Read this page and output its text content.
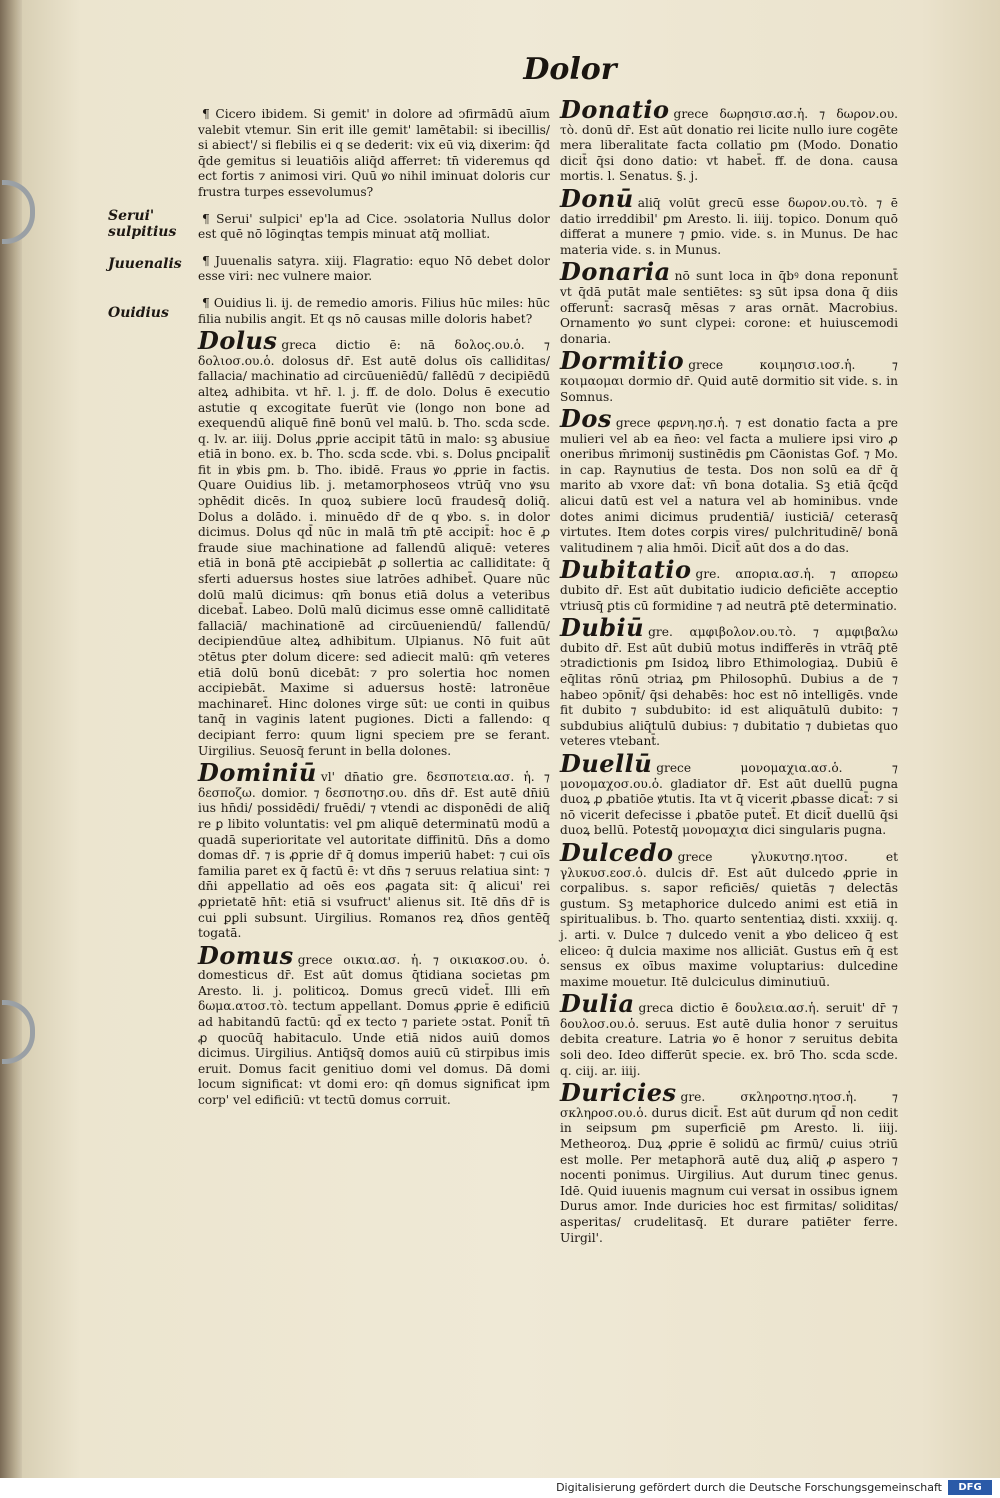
Dolor
Serui' sulpitius
Juuenalis
Ouidius
¶ Cicero ibidem. Si gemit' in dolore ad ↄfirmādū aīum valebit vtemur. Sin erit ille gemit' lamētabil: si ibecillis/ si abiect'/ si flebilis ei q se dederit: vix eū viꝝ dixerim: q̄d q̄de gemitus si leuatiōis aliq̄d afferret: tn̄ videremus qd ect fortis ⁊ animosi viri. Quū ꝟo nihil iminuat doloris cur frustra turpes essevolumus?
¶ Serui' sulpici' ep'la ad Cice. ↄsolatoria Nullus dolor est quē nō lōginqtas tempis minuat atq̄ molliat.
¶ Juuenalis satyra. xiij. Flagratio: equo Nō debet dolor esse viri: nec vulnere maior.
¶ Ouidius li. ij. de remedio amoris. Filius hūc miles: hūc filia nubilis angit. Et qs nō causas mille doloris habet?
Dolus greca dictio ē: nā δολος.ου.ὁ. ⁊ δολιοσ.ου.ὁ. dolosus dr̄. Est autē dolus oīs calliditas/ fallacia/ machinatio ad circūueniēdū/ fallēdū ⁊ decipiēdū alteꝝ adhibita. vt hr̄. l. j. ff. de dolo. Dolus ē executio astutie q excogitate fuerūt vie (longo non bone ad exequendū aliquē finē bonū vel malū. b. Tho. scda scde. q. lv. ar. iiij. Dolus ꝓprie accipit tātū in malo: sꝫ abusiue etiā in bono. ex. b. Tho. scda scde. vbi. s. Dolus ꝑncipalit̄ fit in ꝟbis ꝑm. b. Tho. ibidē. Fraus ꝟo ꝓprie in factis. Quare Ouidius lib. j. metamorphoseos vtrūq̄ vno ꝟsu ↄphēdit dicēs. In quoꝝ subiere locū fraudesq̄ doliq̄. Dolus a dolādo. i. minuēdo dr̄ de q ꝟbo. s. in dolor dicimus. Dolus qd̄ nūc in malā tm̄ ꝑtē accipit̄: hoc ē ꝓ fraude siue machinatione ad fallendū aliquē: veteres etiā in bonā ꝑtē accipiebāt ꝓ sollertia ac calliditate: q̄ sferti aduersus hostes siue latrōes adhibet̄. Quare nūc dolū malū dicimus: qm̄ bonus etiā dolus a veteribus dicebat̄. Labeo. Dolū malū dicimus esse omnē calliditatē fallaciā/ machinationē ad circūueniendū/ fallendū/ decipiendūue alteꝝ adhibitum. Ulpianus. Nō fuit aūt ↄtētus ꝑter dolum dicere: sed adiecit malū: qm̄ veteres etiā dolū bonū dicebāt: ⁊ pro solertia hoc nomen accipiebāt. Maxime si aduersus hostē: latronēue machinaret̄. Hinc dolones virge sūt: ue conti in quibus tanq̄ in vaginis latent pugiones. Dicti a fallendo: q decipiant ferro: quum ligni speciem pre se ferant. Uirgilius. Seuosq̄ ferunt in bella dolones.
Dominiū vl' dn̄atio gre. δεσποτεια.ασ. ἡ. ⁊ δεσποζω. domior. ⁊ δεσποτησ.ου. dn̄s dr̄. Est autē dn̄iū ius hn̄di/ possidēdi/ fruēdi/ ⁊ vtendi ac disponēdi de aliq̄ re ꝑ libito voluntatis: vel ꝑm aliquē determinatū modū a quadā superioritate vel autoritate diffinitū. Dn̄s a domo domas dr̄. ⁊ is ꝓprie dr̄ q̄ domus imperiū habet: ⁊ cui oīs familia paret ex q̄ factū ē: vt dn̄s ⁊ seruus relatiua sint: ⁊ dn̄i appellatio ad oēs eos ꝓagata sit: q̄ alicui' rei ꝓprietatē hn̄t: etiā si vsufruct' alienus sit. Itē dn̄s dr̄ is cui ꝑꝑli subsunt. Uirgilius. Romanos reꝝ dn̄os gentēq̄ togatā.
Domus grece οικια.ασ. ἡ. ⁊ οικιακοσ.ου. ὁ. domesticus dr̄. Est aūt domus q̄tidiana societas ꝑm Aresto. li. j. politicoꝝ. Domus grecū videt̄. Illi em̄ δωμα.ατοσ.τὸ. tectum appellant. Domus ꝓprie ē edificiū ad habitandū factū: qd̄ ex tecto ⁊ pariete ↄstat. Ponit̄ tn̄ ꝓ quocūq̄ habitaculo. Unde etiā nidos auiū domos dicimus. Uirgilius. Antiq̄sq̄ domos auiū cū stirpibus imis eruit. Domus facit genitiuo domi vel domus. Dā domi locum significat: vt domi ero: qn̄ domus significat ipm corp' vel edificiū: vt tectū domus corruit.
Donatio grece δωρησισ.ασ.ἡ. ⁊ δωρον.ου. τὸ. donū dr̄. Est aūt donatio rei licite nullo iure cogēte mera liberalitate facta collatio ꝑm (Modo. Donatio dicit̄ q̄si dono datio: vt habet̄. ff. de dona. causa mortis. l. Senatus. §. j.
Donū aliq̄ volūt grecū esse δωρον.ου.τὸ. ⁊ ē datio irreddibil' ꝑm Aresto. li. iiij. topico. Donum quō differat a munere ⁊ ꝑmio. vide. s. in Munus. De hac materia vide. s. in Munus.
Donaria nō sunt loca in q̄bꝰ dona reponunt̄ vt q̄dā putāt male sentiētes: sꝫ sūt ipsa dona q̄ diis offerunt̄: sacrasq̄ mēsas ⁊ aras ornāt. Macrobius. Ornamento ꝟo sunt clypei: corone: et huiuscemodi donaria.
Dormitio grece κοιμησισ.ιοσ.ἡ. ⁊ κοιμαομαι dormio dr̄. Quid autē dormitio sit vide. s. in Somnus.
Dos grece φερνη.ησ.ἡ. ⁊ est donatio facta a pre mulieri vel ab ea n̄eo: vel facta a muliere ipsi viro ꝓ oneribus m̄rimonij sustinēdis ꝑm Cāonistas Gof. ⁊ Mo. in cap. Raynutius de testa. Dos non solū ea dr̄ q̄ marito ab vxore dat̄: vn̄ bona dotalia. Sꝫ etiā q̄cq̄d alicui datū est vel a natura vel ab hominibus. vnde dotes animi dicimus prudentiā/ iusticiā/ ceterasq̄ virtutes. Item dotes corꝑis vires/ pulchritudinē/ bonā valitudinem ⁊ alia hmōi. Dicit̄ aūt dos a do das.
Dubitatio gre. απορια.ασ.ἡ. ⁊ απορεω dubito dr̄. Est aūt dubitatio iudicio deficiēte acceptio vtriusq̄ ꝑtis cū formidine ⁊ ad neutrā ꝑtē determinatio.
Dubiū gre. αμφιβολον.ου.τὸ. ⁊ αμφιβαλω dubito dr̄. Est aūt dubiū motus indifferēs in vtrāq̄ ꝑtē ↄtradictionis ꝑm Isidoꝝ libro Ethimologiaꝝ. Dubiū ē eq̄litas rōnū ↄtriaꝝ ꝑm Philosophū. Dubius a de ⁊ habeo ↄpōnit̄/ q̄si dehabēs: hoc est nō intelligēs. vnde fit dubito ⁊ subdubito: id est aliquātulū dubito: ⁊ subdubius aliq̄tulū dubius: ⁊ dubitatio ⁊ dubietas quo veteres vtebant̄.
Duellū grece μονομαχια.ασ.ὁ. ⁊ μονομαχοσ.ου.ὁ. gladiator dr̄. Est aūt duellū pugna duoꝝ ꝓ ꝓbatiōe ꝟtutis. Ita vt q̄ vicerit ꝓbasse dicat̄: ⁊ si nō vicerit defecisse i ꝓbatōe putet̄. Et dicit̄ duellū q̄si duoꝝ bellū. Potestq̄ μονομαχια dici singularis pugna.
Dulcedo grece γλυκυτησ.ητοσ. et γλυκυσ.εοσ.ὁ. dulcis dr̄. Est aūt dulcedo ꝓprie in corꝑalibus. s. sapor reficiēs/ quietās ⁊ delectās gustum. Sꝫ metaphorice dulcedo animi est etiā in spiritualibus. b. Tho. quarto sententiaꝝ disti. xxxiij. q. j. arti. v. Dulce ⁊ dulcedo venit a ꝟbo deliceo q̄ est eliceo: q̄ dulcia maxime nos alliciāt. Gustus em̄ q̄ est sensus ex oībus maxime voluptarius: dulcedine maxime mouetur. Itē dulciculus diminutiuū.
Dulia greca dictio ē δουλεια.ασ.ἡ. seruit' dr̄ ⁊ δουλοσ.ου.ὁ. seruus. Est autē dulia honor ⁊ seruitus debita creature. Latria ꝟo ē honor ⁊ seruitus debita soli deo. Ideo differūt specie. ex. brō Tho. scda scde. q. ciij. ar. iiij.
Duricies gre. σκληροτησ.ητοσ.ἡ. ⁊ σκληροσ.ου.ὁ. durus dicit̄. Est aūt durum qd̄ non cedit in seipsum ꝑm superficiē ꝑm Aresto. li. iiij. Metheoroꝝ. Duꝝ ꝓprie ē solidū ac firmū/ cuius ↄtriū est molle. Per metaphorā autē duꝝ aliq̄ ꝓ aspero ⁊ nocenti ponimus. Uirgilius. Aut durum tinec genus. Idē. Quid iuuenis magnum cui versat in ossibus ignem Durus amor. Inde duricies hoc est firmitas/ soliditas/ asperitas/ crudelitasq̄. Et durare patiēter ferre. Uirgil'.
Digitalisierung gefördert durch die Deutsche Forschungsgemeinschaft	DFG
